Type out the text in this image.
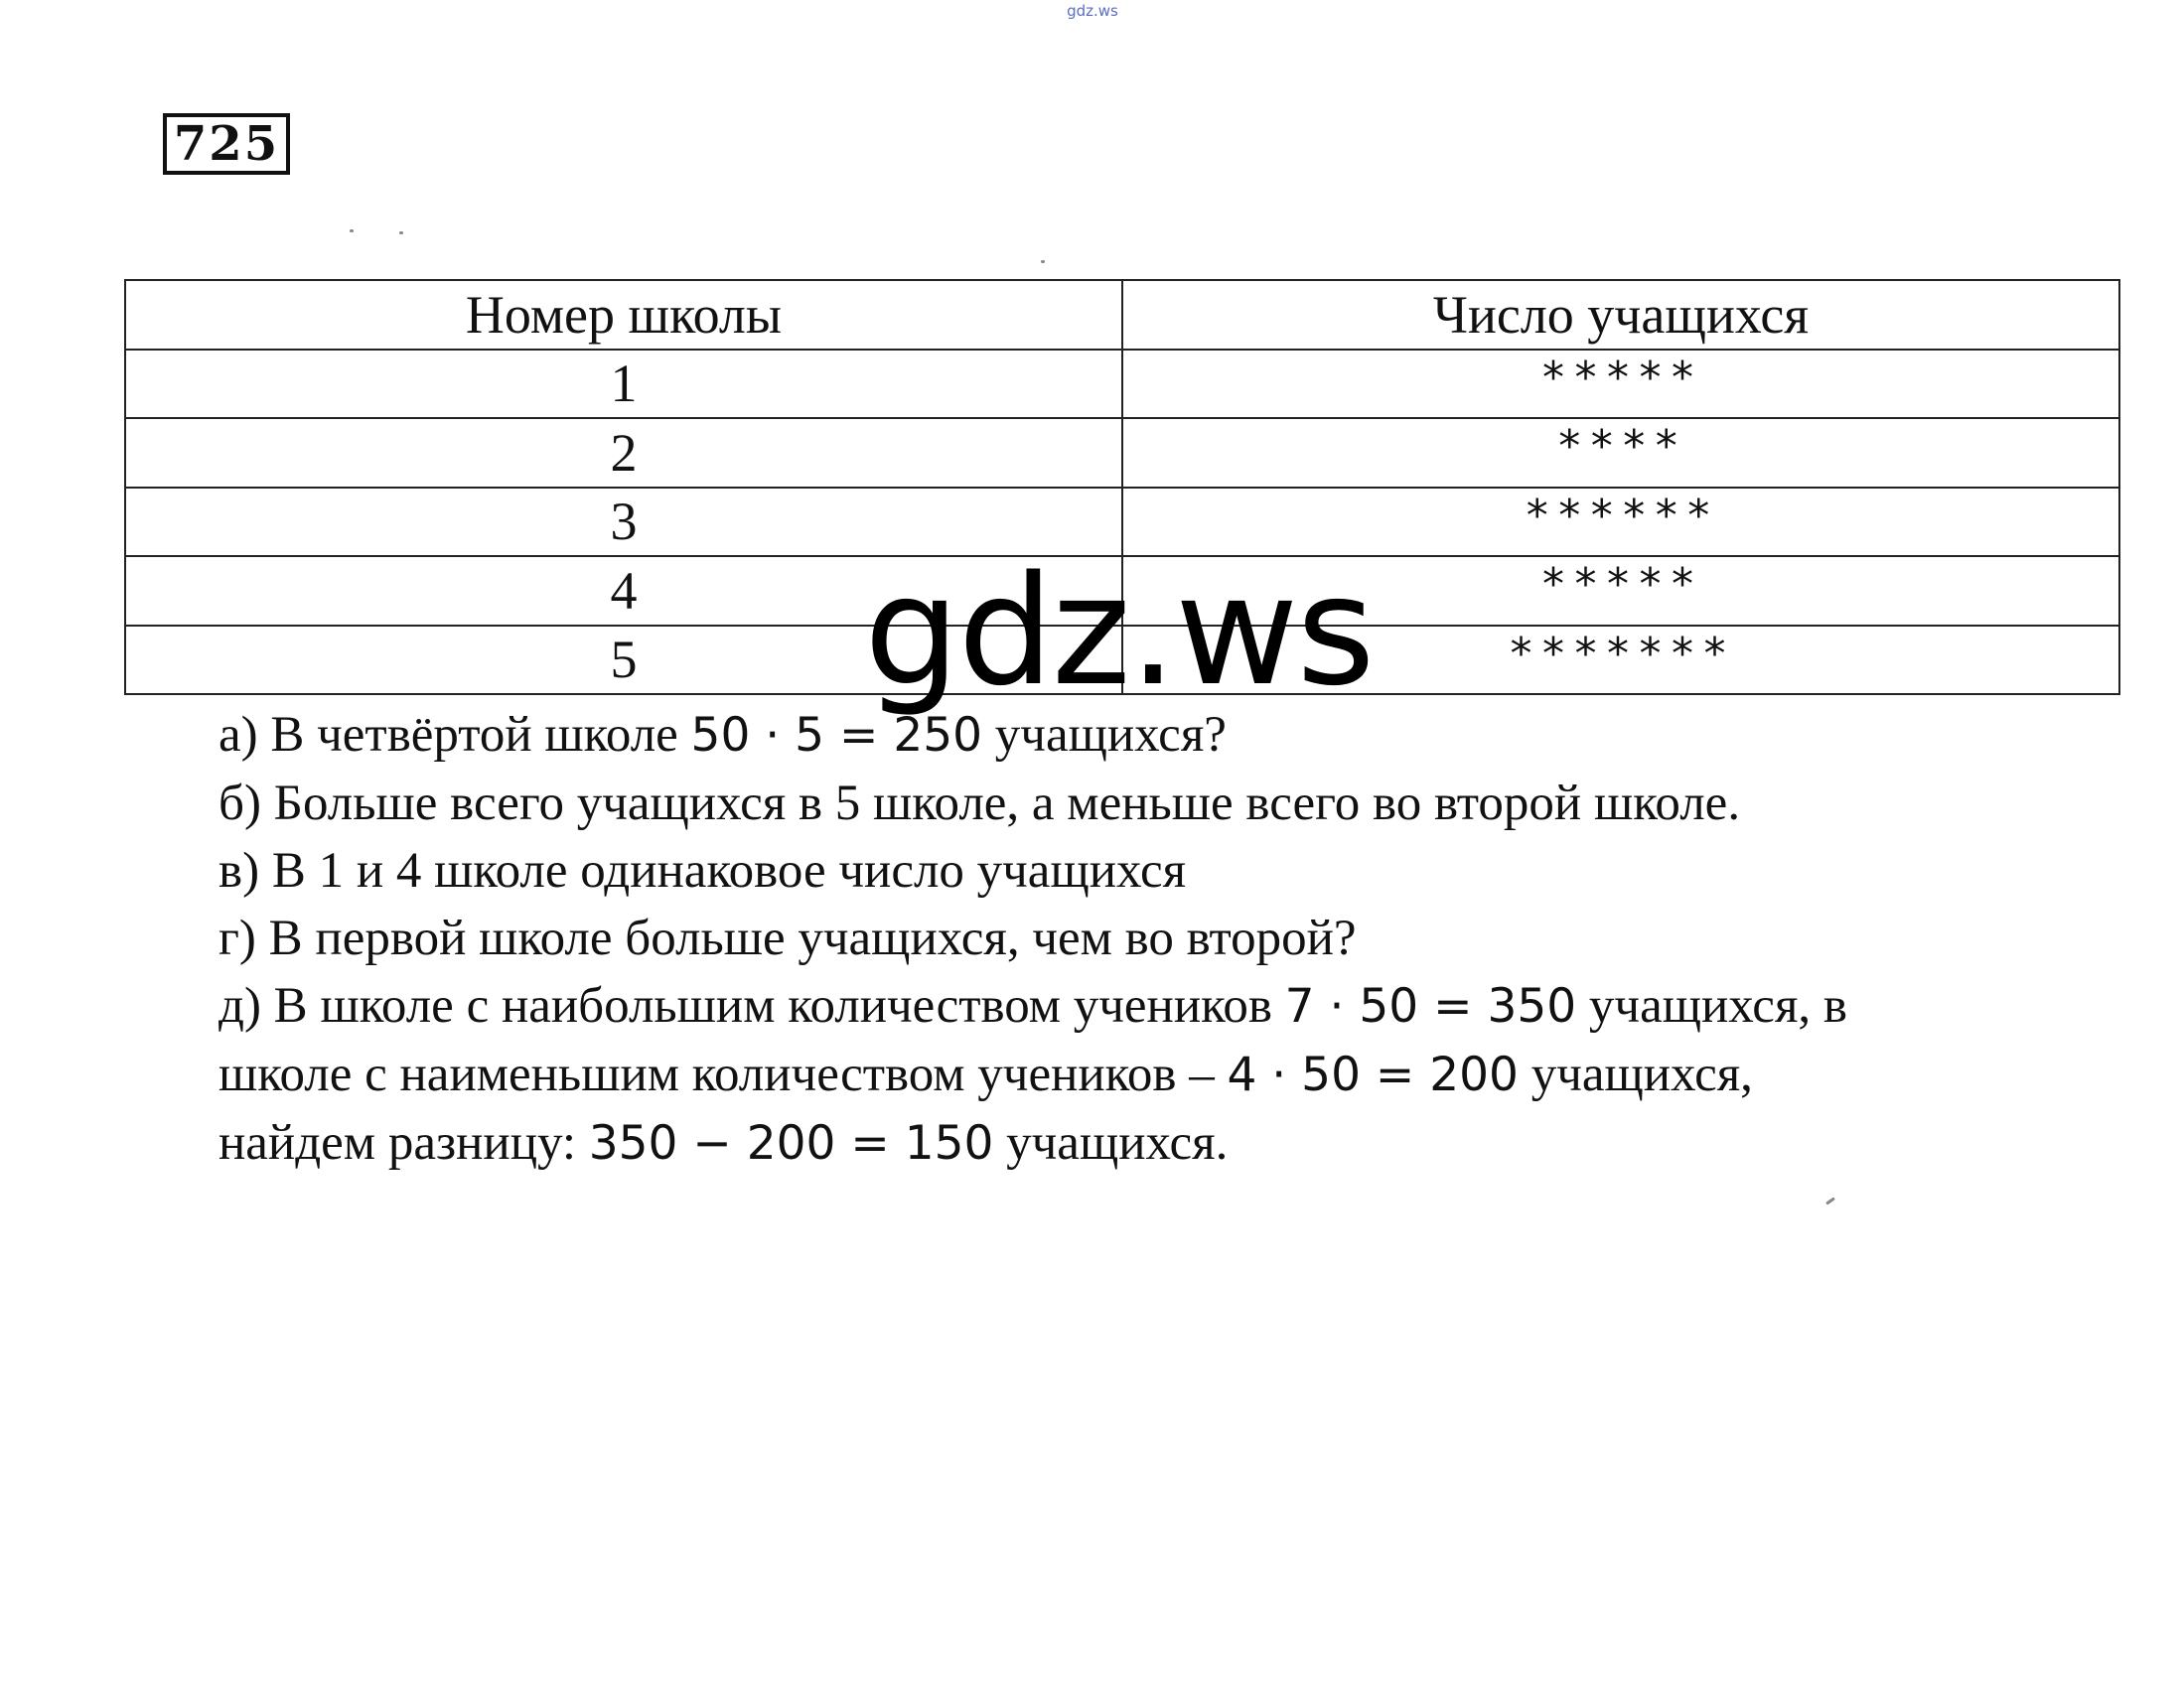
gdz.ws
725
Номер школы	Число учащихся
1	*****
2	****
3	******
4	*****
5	*******

а) В четвёртой школе 50 · 5 = 250 учащихся?

б) Больше всего учащихся в 5 школе, а меньше всего во второй школе.

в) В 1 и 4 школе одинаковое число учащихся

г) В первой школе больше учащихся, чем во второй?

д) В школе с наибольшим количеством учеников 7 · 50 = 350 учащихся, в

школе с наименьшим количеством учеников – 4 · 50 = 200 учащихся,

найдем разницу: 350 − 200 = 150 учащихся.

gdz.ws
